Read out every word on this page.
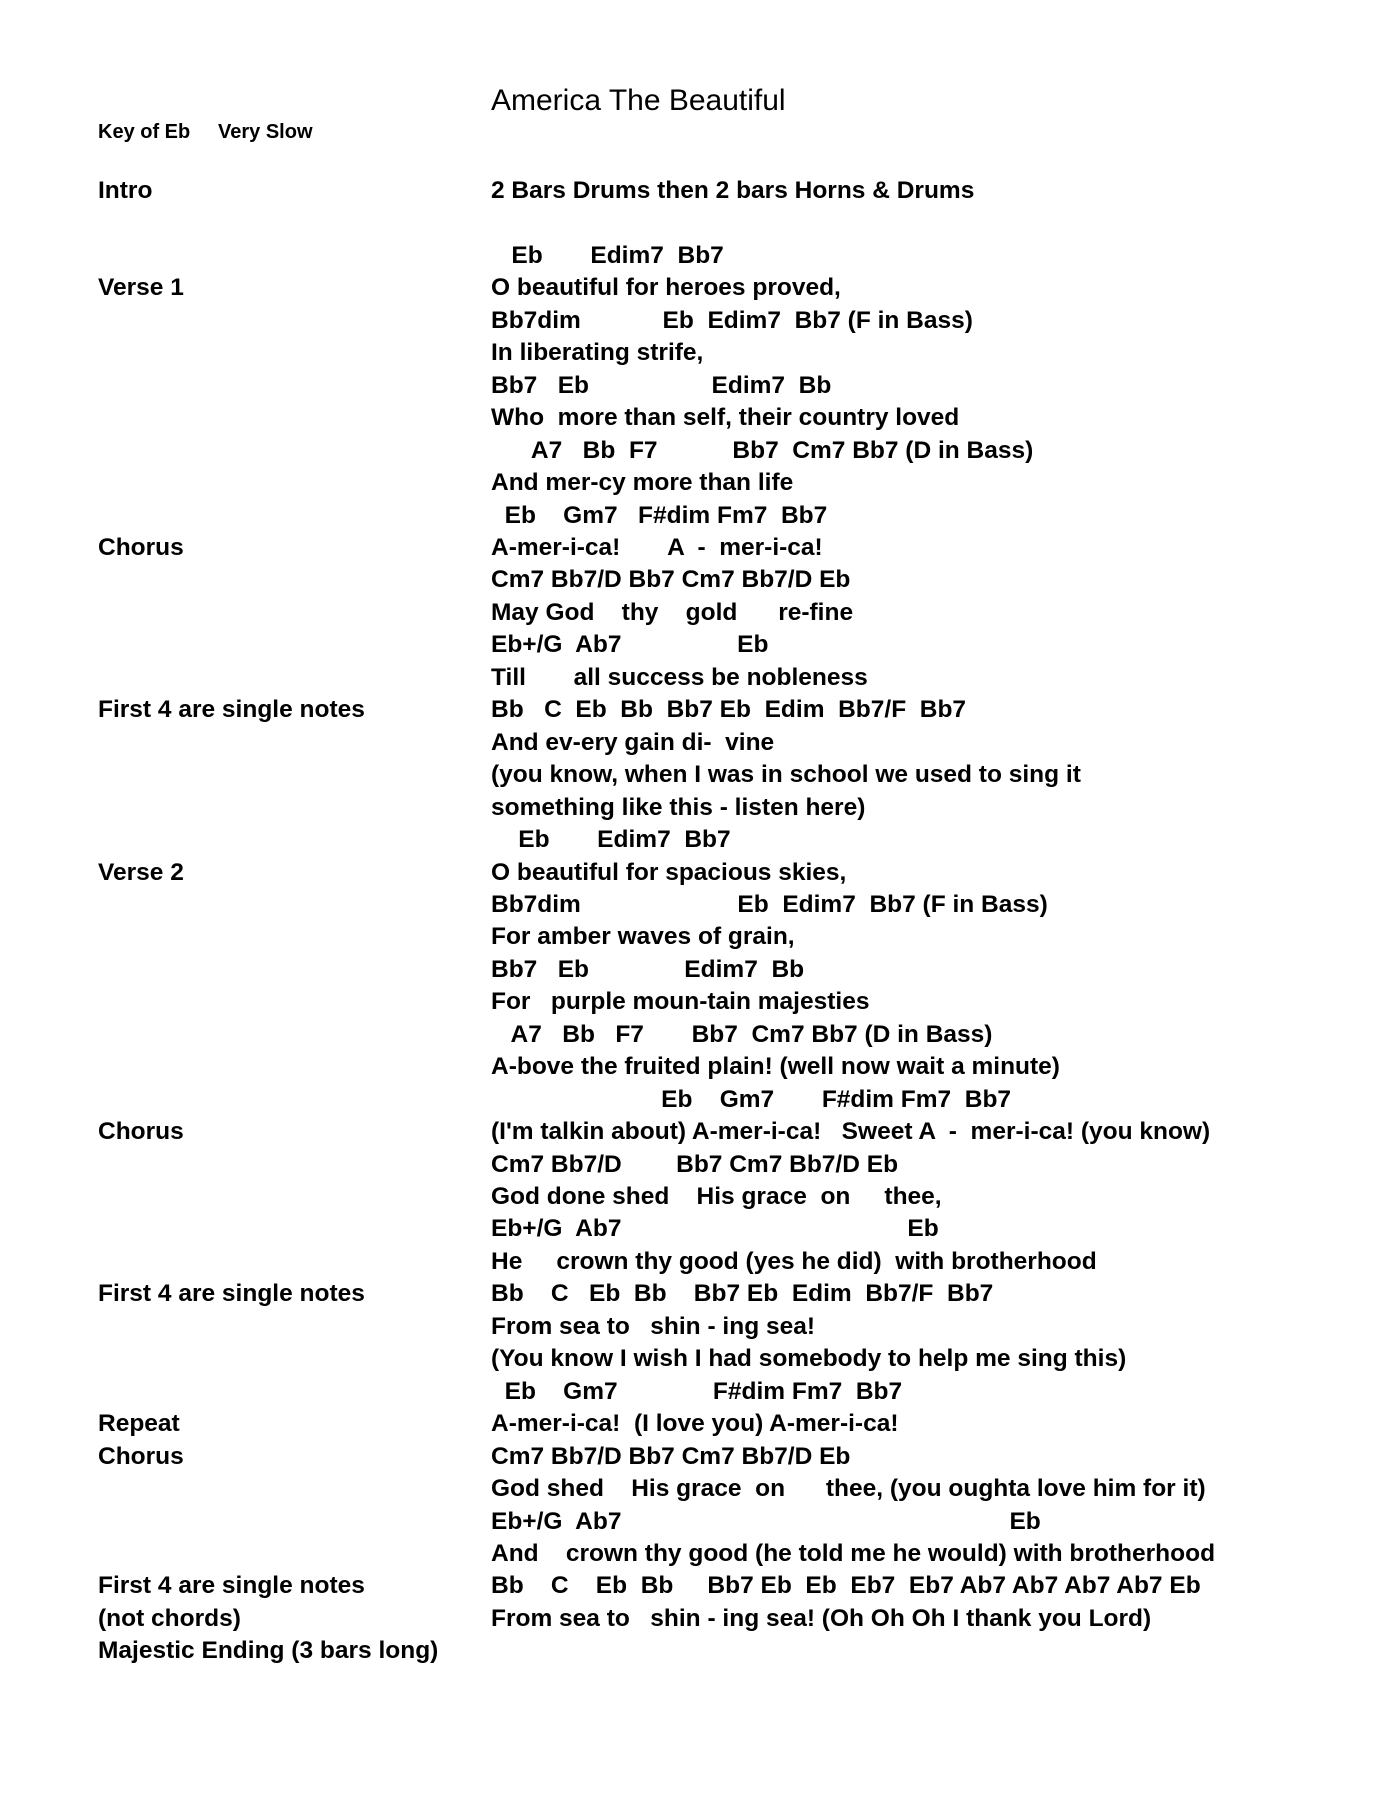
America The Beautiful
Key of Eb     Very Slow
Intro
Verse 1
Chorus
First 4 are single notes
Verse 2
Chorus
First 4 are single notes
Repeat
Chorus
First 4 are single notes
(not chords)
Majestic Ending (3 bars long)
2 Bars Drums then 2 bars Horns & Drums
Eb       Edim7  Bb7
O beautiful for heroes proved,
Bb7dim            Eb  Edim7  Bb7 (F in Bass)
In liberating strife,
Bb7   Eb                  Edim7  Bb
Who  more than self, their country loved
A7   Bb  F7           Bb7  Cm7 Bb7 (D in Bass)
And mer-cy more than life
Eb    Gm7   F#dim Fm7  Bb7
A-mer-i-ca!       A  -  mer-i-ca!
Cm7 Bb7/D Bb7 Cm7 Bb7/D Eb
May God    thy    gold      re-fine
Eb+/G  Ab7                 Eb
Till       all success be nobleness
Bb   C  Eb  Bb  Bb7 Eb  Edim  Bb7/F  Bb7
And ev-ery gain di-  vine
(you know, when I was in school we used to sing it
something like this - listen here)
Eb       Edim7  Bb7
O beautiful for spacious skies,
Bb7dim                       Eb  Edim7  Bb7 (F in Bass)
For amber waves of grain,
Bb7   Eb              Edim7  Bb
For   purple moun-tain majesties
A7   Bb   F7       Bb7  Cm7 Bb7 (D in Bass)
A-bove the fruited plain! (well now wait a minute)
Eb    Gm7       F#dim Fm7  Bb7
(I'm talkin about) A-mer-i-ca!   Sweet A  -  mer-i-ca! (you know)
Cm7 Bb7/D        Bb7 Cm7 Bb7/D Eb
God done shed    His grace  on     thee,
Eb+/G  Ab7                                          Eb
He     crown thy good (yes he did)  with brotherhood
Bb    C   Eb  Bb    Bb7 Eb  Edim  Bb7/F  Bb7
From sea to   shin - ing sea!
(You know I wish I had somebody to help me sing this)
Eb    Gm7              F#dim Fm7  Bb7
A-mer-i-ca!  (I love you) A-mer-i-ca!
Cm7 Bb7/D Bb7 Cm7 Bb7/D Eb
God shed    His grace  on      thee, (you oughta love him for it)
Eb+/G  Ab7                                                         Eb
And    crown thy good (he told me he would) with brotherhood
Bb    C    Eb  Bb     Bb7 Eb  Eb  Eb7  Eb7 Ab7 Ab7 Ab7 Ab7 Eb
From sea to   shin - ing sea! (Oh Oh Oh I thank you Lord)
